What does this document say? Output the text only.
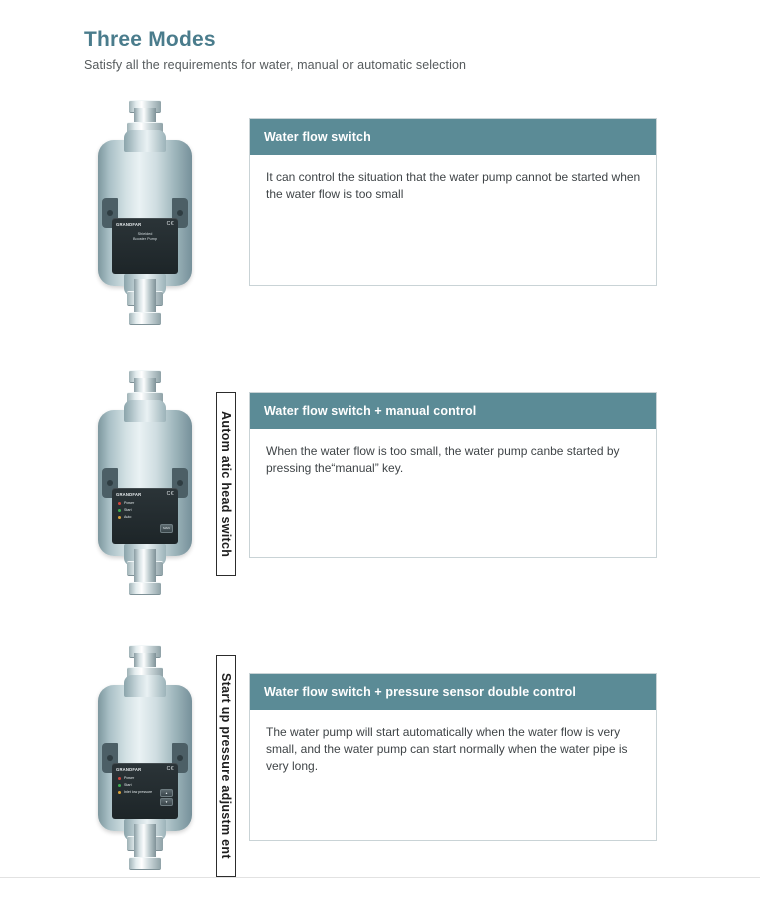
Three Modes
Satisfy all the requirements for water, manual or automatic selection
GRANDFAR	C€
Shielded
Booster Pump
Water flow switch
It can control the situation that the water pump cannot be started when the water flow is too small
GRANDFAR	C€
Power
Start
Auto
MAN	Autom atic head switch	Water flow switch + manual control
When the water flow is too small, the water pump canbe started by pressing the“manual” key.
GRANDFAR	C€
Power
Start
Inlet low pressure	▲
▼	Start up pressure adjustm ent	Water flow switch + pressure sensor double control
The water pump will start automatically when the water flow is very small, and the water pump can start normally when the water pipe is very long.
